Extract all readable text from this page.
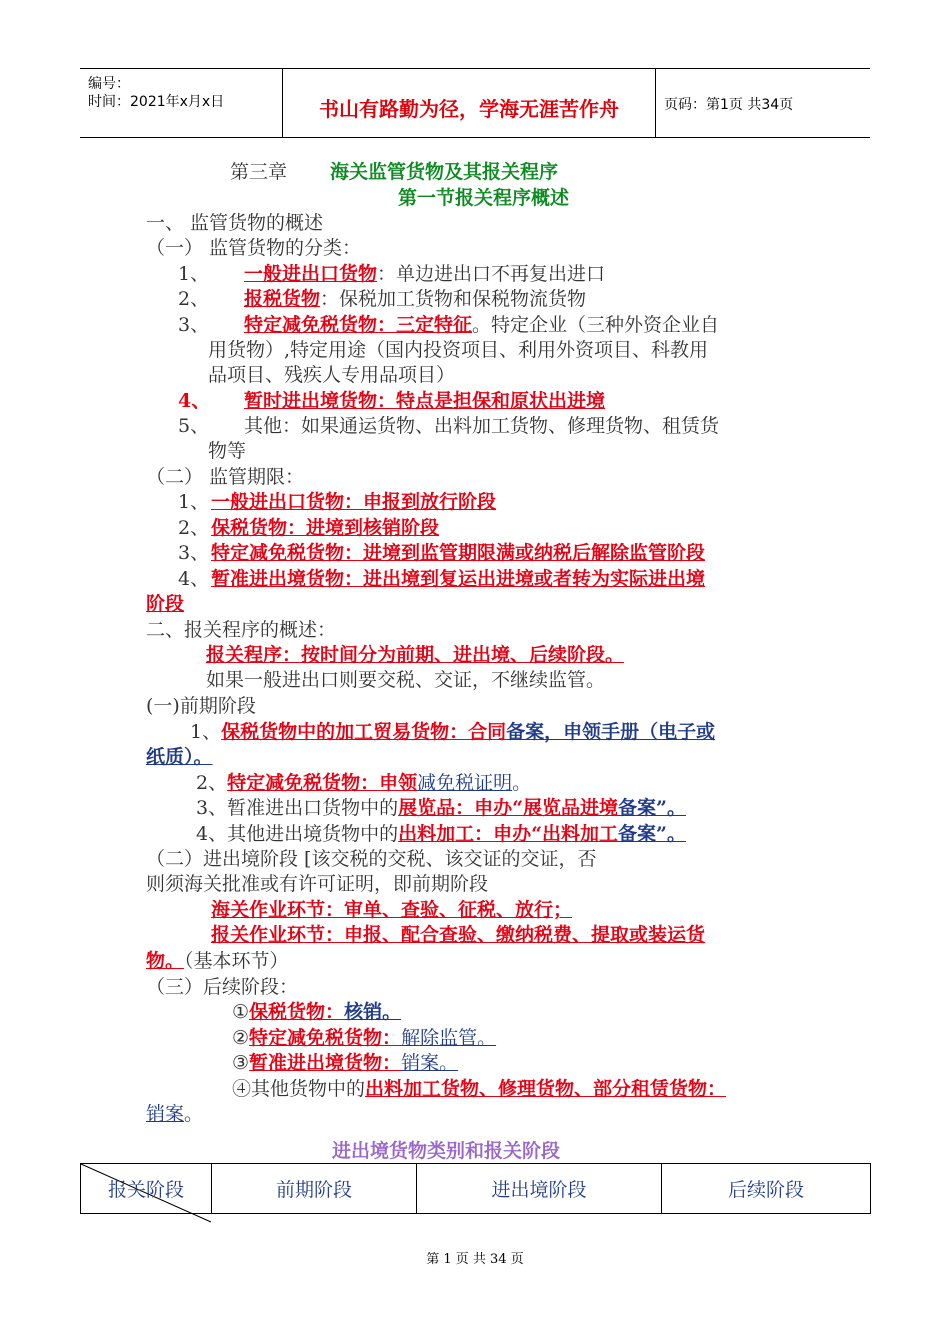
编号：
时间：2021年x月x日	书山有路勤为径，学海无涯苦作舟	页码：第1页 共34页
第三章 海关监管货物及其报关程序
第一节报关程序概述
一、 监管货物的概述
（一） 监管货物的分类：
1、 一般进出口货物：单边进出口不再复出进口
2、 报税货物：保税加工货物和保税物流货物
3、 特定减免税货物：三定特征。特定企业（三种外资企业自
用货物）,特定用途（国内投资项目、利用外资项目、科教用
品项目、残疾人专用品项目）
4、 暂时进出境货物：特点是担保和原状出进境
5、 其他：如果通运货物、出料加工货物、修理货物、租赁货
物等
（二） 监管期限：
1、 一般进出口货物：申报到放行阶段
2、 保税货物：进境到核销阶段
3、 特定减免税货物：进境到监管期限满或纳税后解除监管阶段
4、 暂准进出境货物：进出境到复运出进境或者转为实际进出境
阶段
二、报关程序的概述：
报关程序：按时间分为前期、进出境、后续阶段。
如果一般进出口则要交税、交证，不继续监管。
(一)前期阶段
1、保税货物中的加工贸易货物：合同备案，申领手册（电子或
纸质）。
2、特定减免税货物：申领减免税证明。
3、暂准进出口货物中的展览品：申办“展览品进境备案”。
4、其他进出境货物中的出料加工：申办“出料加工备案”。
（二）进出境阶段 [该交税的交税、该交证的交证，否
则须海关批准或有许可证明，即前期阶段
海关作业环节：审单、查验、征税、放行；
报关作业环节：申报、配合查验、缴纳税费、提取或装运货
物。（基本环节）
（三）后续阶段：
①保税货物：核销。
②特定减免税货物：解除监管。
③暂准进出境货物：销案。
④其他货物中的出料加工货物、修理货物、部分租赁货物：
销案。
进出境货物类别和报关阶段
报关阶段	前期阶段	进出境阶段	后续阶段
第 1 页 共 34 页
